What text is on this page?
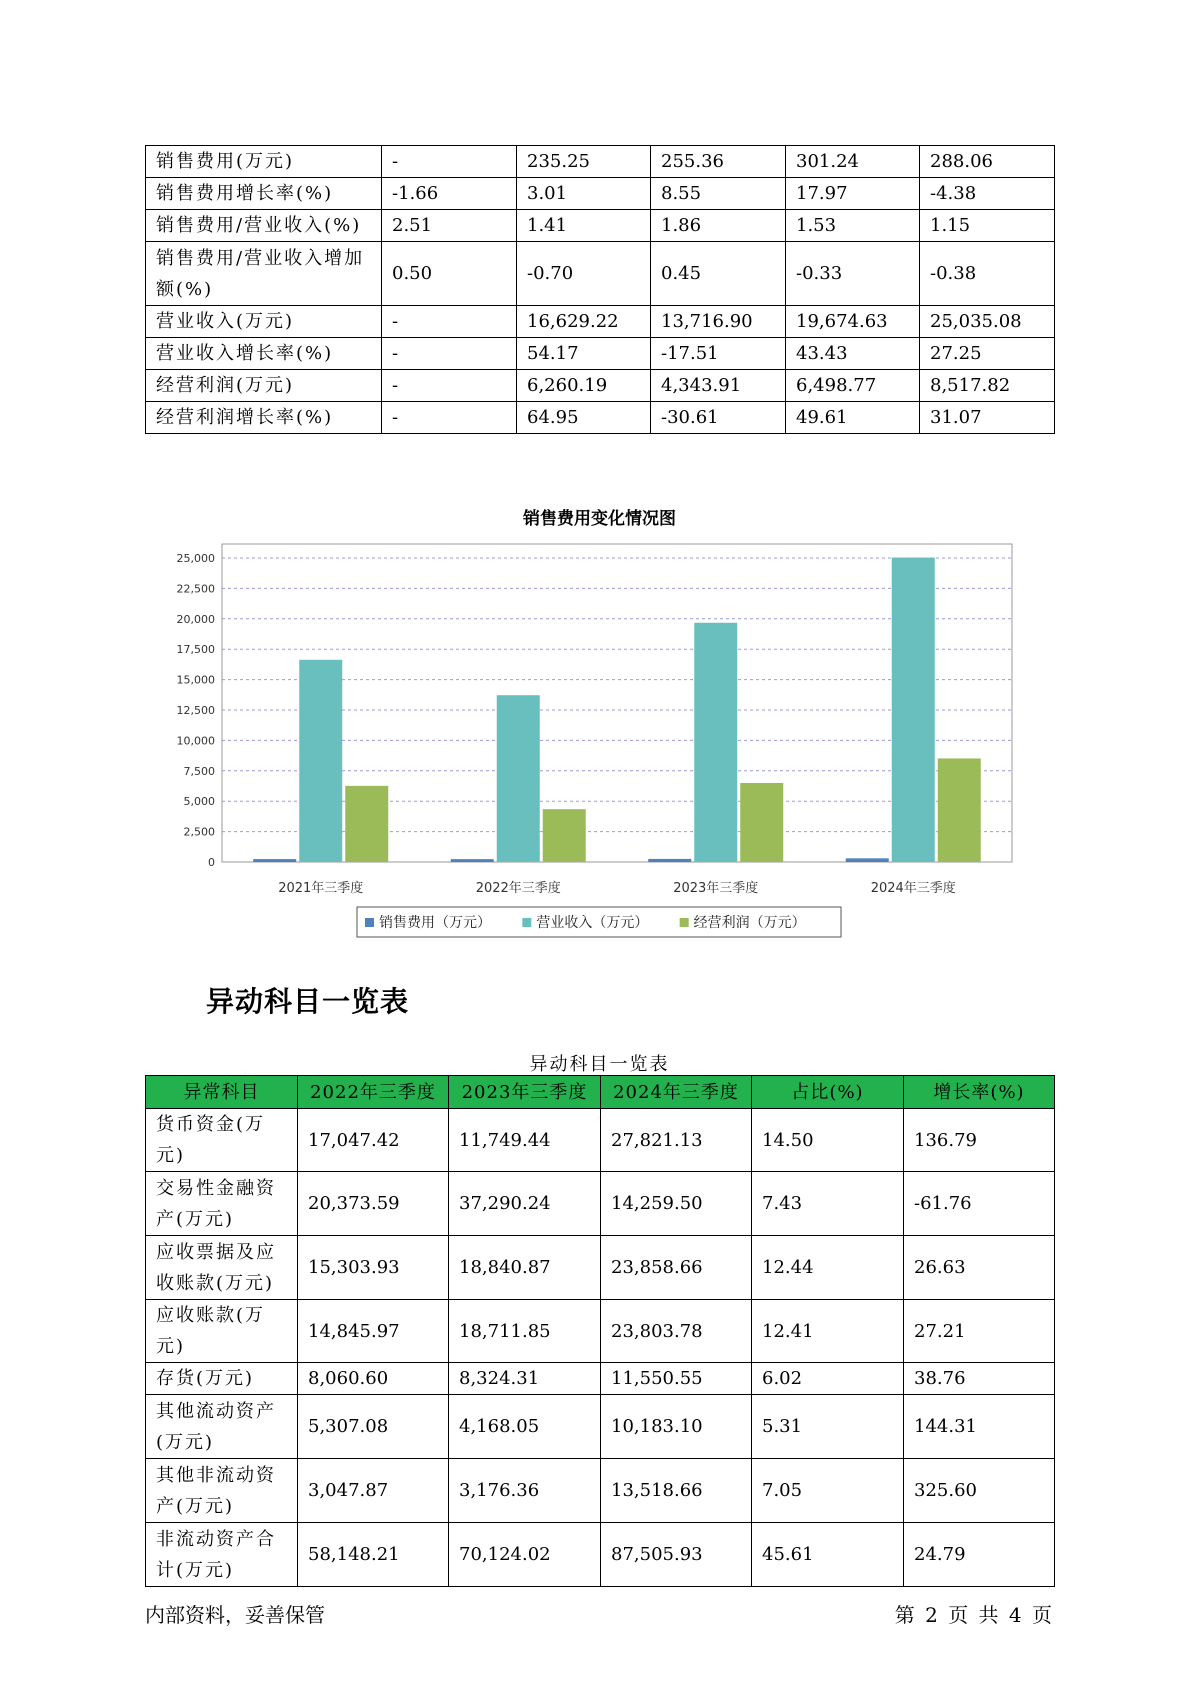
销售费用(万元)	-	235.25	255.36	301.24	288.06
销售费用增长率(%)	-1.66	3.01	8.55	17.97	-4.38
销售费用/营业收入(%)	2.51	1.41	1.86	1.53	1.15
销售费用/营业收入增加额(%)	0.50	-0.70	0.45	-0.33	-0.38
营业收入(万元)	-	16,629.22	13,716.90	19,674.63	25,035.08
营业收入增长率(%)	-	54.17	-17.51	43.43	27.25
经营利润(万元)	-	6,260.19	4,343.91	6,498.77	8,517.82
经营利润增长率(%)	-	64.95	-30.61	49.61	31.07
销售费用变化情况图
0
2,500
5,000
7,500
10,000
12,500
15,000
17,500
20,000
22,500
25,000
2021年三季度	2022年三季度	2023年三季度	2024年三季度
销售费用（万元）	营业收入（万元）	经营利润（万元）
异动科目一览表
异动科目一览表
异常科目	2022年三季度	2023年三季度	2024年三季度	占比(%)	增长率(%)
货币资金(万元)	17,047.42	11,749.44	27,821.13	14.50	136.79
交易性金融资产(万元)	20,373.59	37,290.24	14,259.50	7.43	-61.76
应收票据及应收账款(万元)	15,303.93	18,840.87	23,858.66	12.44	26.63
应收账款(万元)	14,845.97	18,711.85	23,803.78	12.41	27.21
存货(万元)	8,060.60	8,324.31	11,550.55	6.02	38.76
其他流动资产(万元)	5,307.08	4,168.05	10,183.10	5.31	144.31
其他非流动资产(万元)	3,047.87	3,176.36	13,518.66	7.05	325.60
非流动资产合计(万元)	58,148.21	70,124.02	87,505.93	45.61	24.79
内部资料，妥善保管	第 2 页 共 4 页
